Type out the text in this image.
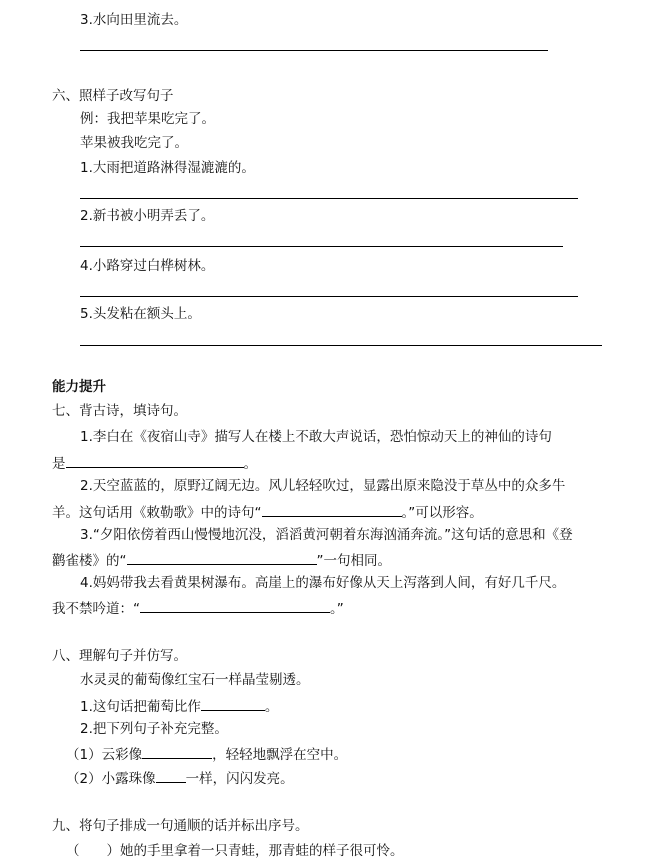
3.水向田里流去。
六、照样子改写句子
例：我把苹果吃完了。
苹果被我吃完了。
1.大雨把道路淋得湿漉漉的。
2.新书被小明弄丢了。
4.小路穿过白桦树林。
5.头发粘在额头上。
能力提升
七、背古诗，填诗句。
1.李白在《夜宿山寺》描写人在楼上不敢大声说话，恐怕惊动天上的神仙的诗句
是	。
2.天空蓝蓝的，原野辽阔无边。风儿轻轻吹过，显露出原来隐没于草丛中的众多牛
羊。这句话用《敕勒歌》中的诗句“	。”可以形容。
3.“夕阳依傍着西山慢慢地沉没，滔滔黄河朝着东海汹涌奔流。”这句话的意思和《登
鹳雀楼》的“	”一句相同。
4.妈妈带我去看黄果树瀑布。高崖上的瀑布好像从天上泻落到人间，有好几千尺。
我不禁吟道：“	。”
八、理解句子并仿写。
水灵灵的葡萄像红宝石一样晶莹剔透。
1.这句话把葡萄比作	。
2.把下列句子补充完整。
（1）云彩像	，轻轻地飘浮在空中。
（2）小露珠像 一样，闪闪发亮。
九、将句子排成一句通顺的话并标出序号。
（　　）她的手里拿着一只青蛙，那青蛙的样子很可怜。
